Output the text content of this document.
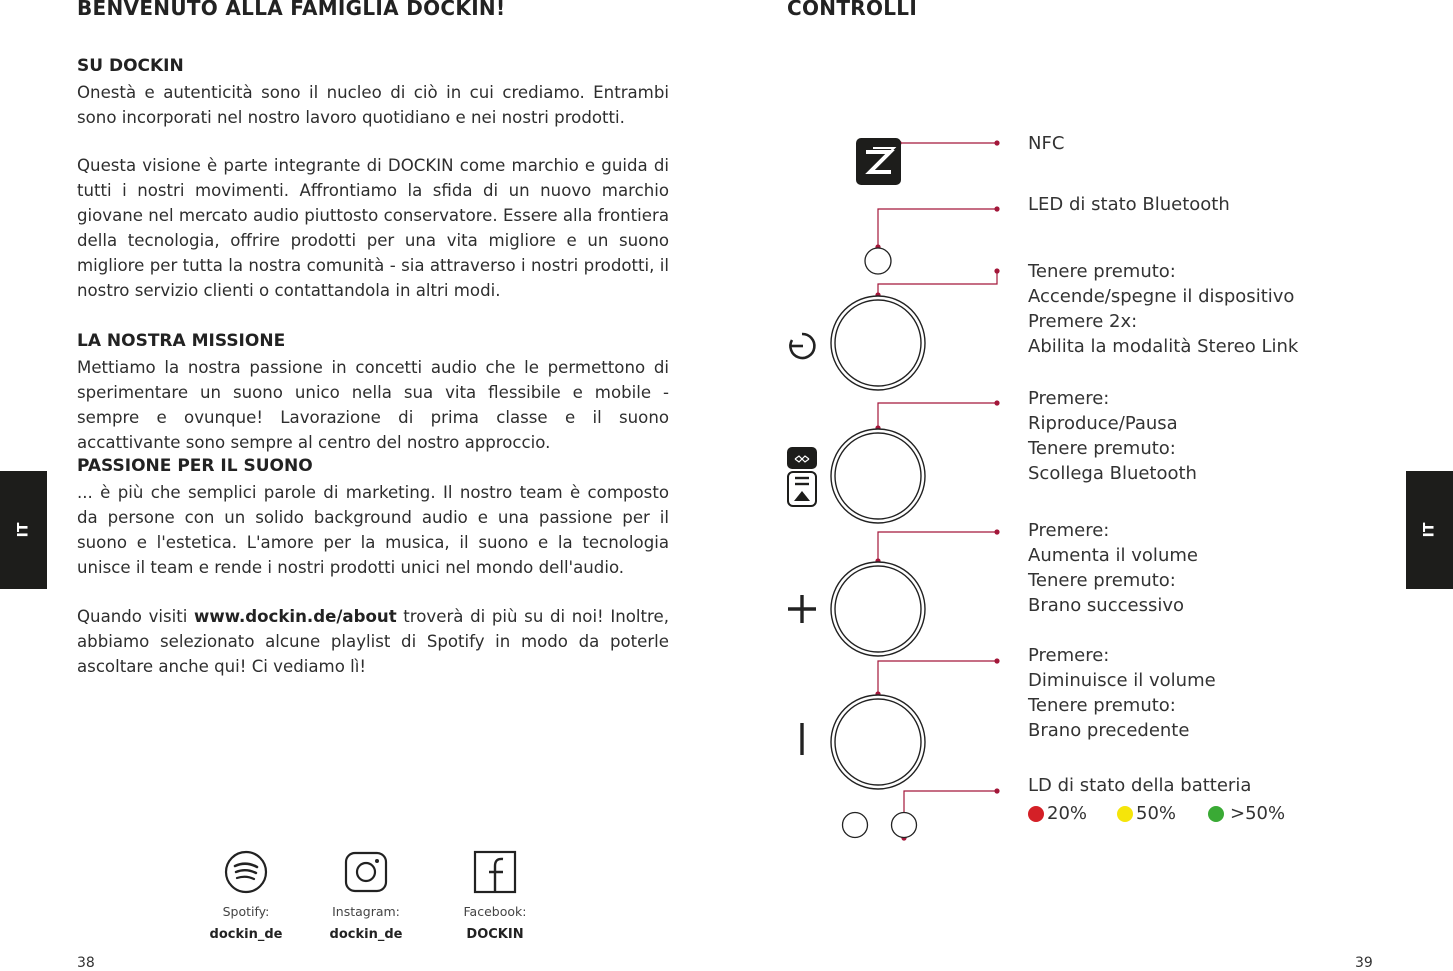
BENVENUTO ALLA FAMIGLIA DOCKIN!
SU DOCKIN
Onestà e autenticità sono il nucleo di ciò in cui crediamo. Entrambi sono incorporati nel nostro lavoro quotidiano e nei nostri prodotti.
Questa visione è parte integrante di DOCKIN come marchio e guida di tutti i nostri movimenti. Affrontiamo la sfida di un nuovo marchio giovane nel mercato audio piuttosto conservatore. Essere alla frontiera della tecnologia, offrire prodotti per una vita migliore e un suono migliore per tutta la nostra comunità - sia attraverso i nostri prodotti, il nostro servizio clienti o contattandola in altri modi.
LA NOSTRA MISSIONE
Mettiamo la nostra passione in concetti audio che le permettono di sperimentare un suono unico nella sua vita flessibile e mobile - sempre e ovunque! Lavorazione di prima classe e il suono accattivante sono sempre al centro del nostro approccio.
PASSIONE PER IL SUONO
... è più che semplici parole di marketing. Il nostro team è composto da persone con un solido background audio e una passione per il suono e l'estetica. L'amore per la musica, il suono e la tecnologia unisce il team e rende i nostri prodotti unici nel mondo dell'audio.
Quando visiti www.dockin.de/about troverà di più su di noi! Inoltre, abbiamo selezionato alcune playlist di Spotify in modo da poterle ascoltare anche qui! Ci vediamo lì!
Spotify:
dockin_de
Instagram:
dockin_de
Facebook:
DOCKIN
38
IT	IT
CONTROLLI
NFC
LED di stato Bluetooth
Tenere premuto:
Accende/spegne il dispositivo
Premere 2x:
Abilita la modalità Stereo Link
Premere:
Riproduce/Pausa
Tenere premuto:
Scollega Bluetooth
Premere:
Aumenta il volume
Tenere premuto:
Brano successivo
Premere:
Diminuisce il volume
Tenere premuto:
Brano precedente
LD di stato della batteria
20%	50%	>50%
39
